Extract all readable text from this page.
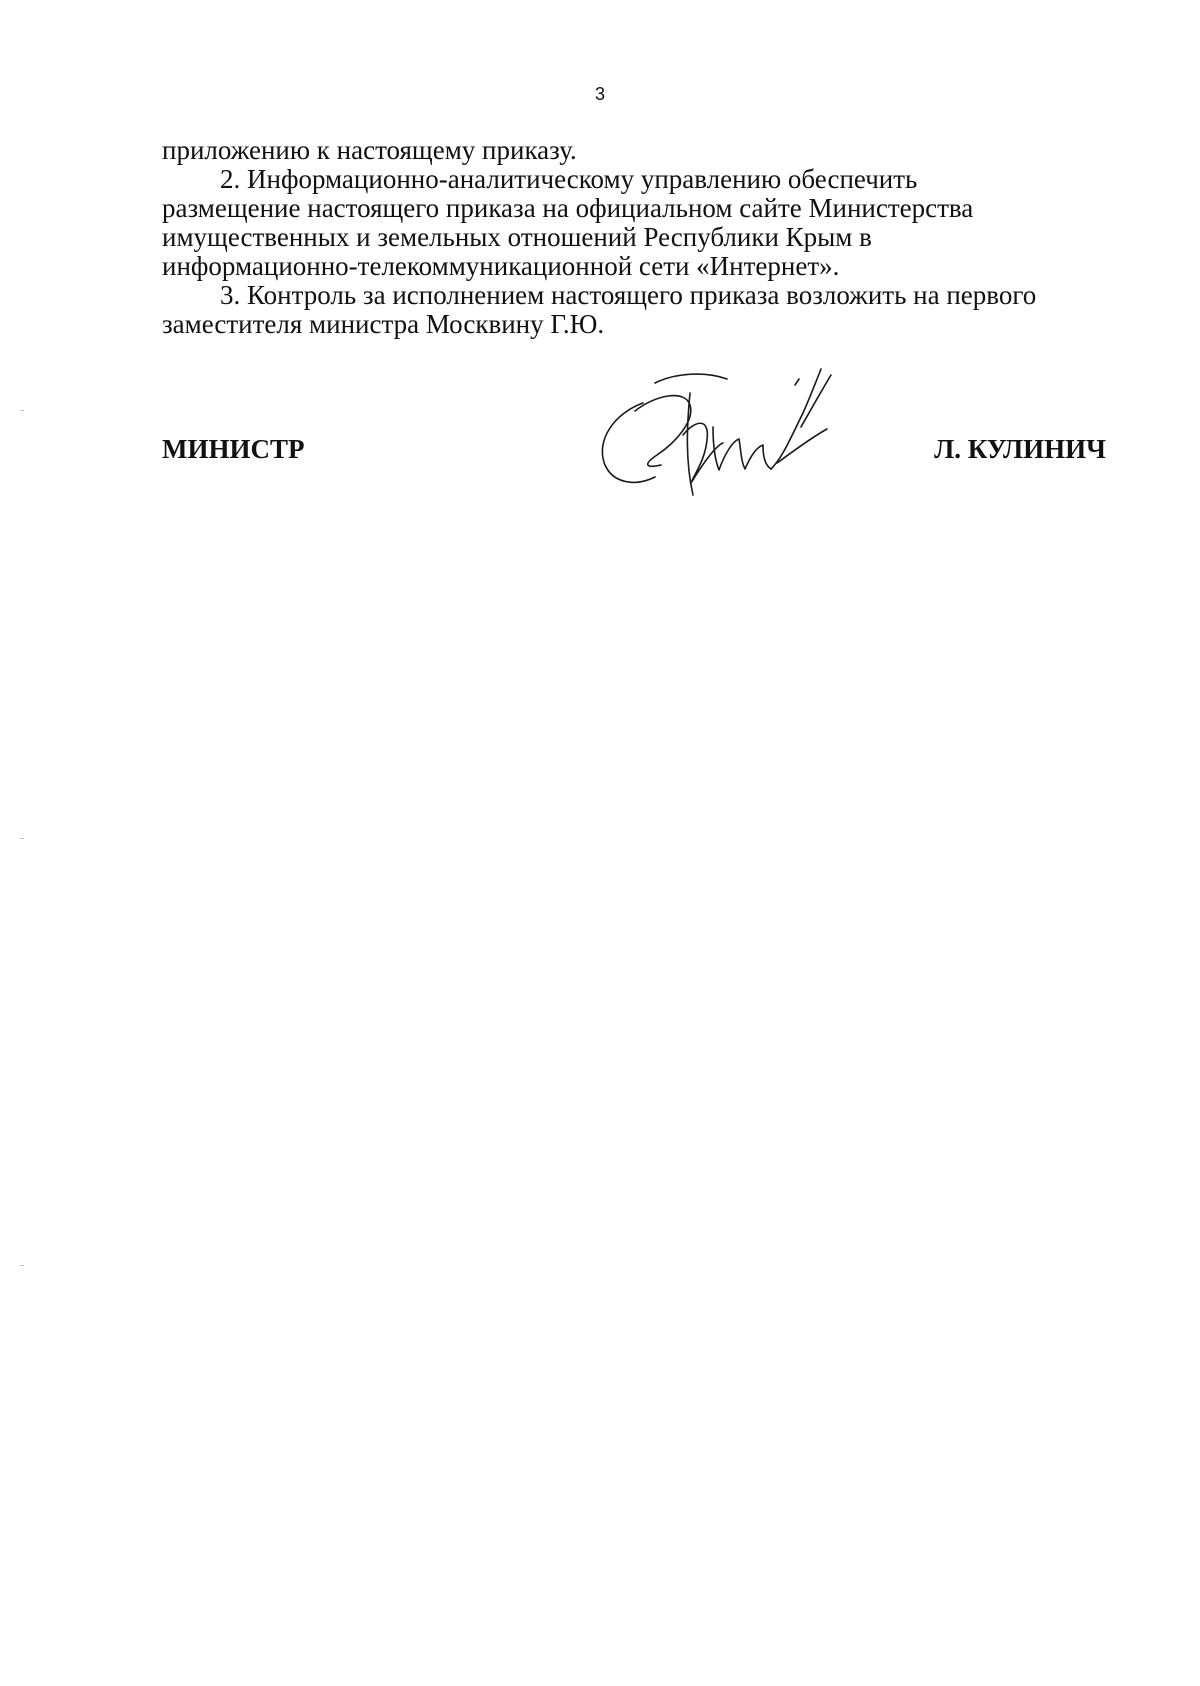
3

приложению к настоящему приказу.

2. Информационно-аналитическому управлению обеспечить

размещение настоящего приказа на официальном сайте Министерства

имущественных и земельных отношений Республики Крым в

информационно-телекоммуникационной сети «Интернет».

3. Контроль за исполнением настоящего приказа возложить на первого

заместителя министра Москвину Г.Ю.

МИНИСТР	Л. КУЛИНИЧ
